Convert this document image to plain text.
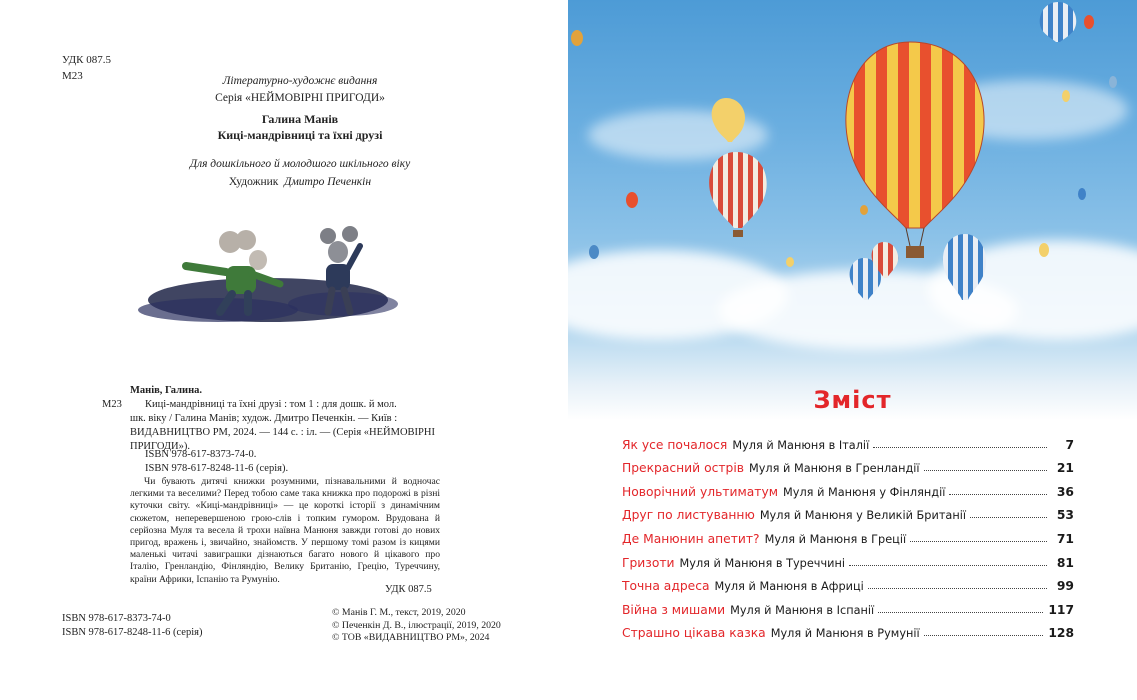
УДК 087.5
М23	Літературно-художнє видання
Серія «НЕЙМОВІРНІ ПРИГОДИ»
Галина Манів
Киці-мандрівниці та їхні друзі
Для дошкільного й молодшого шкільного віку
Художник Дмитро Печенкін
Манів, Галина.
М23 Киці-мандрівниці та їхні друзі : том 1 : для дошк. й мол.
шк. віку / Галина Манів; худож. Дмитро Печенкін. — Київ :
ВИДАВНИЦТВО РМ, 2024. — 144 с. : іл. — (Серія «НЕЙМОВІРНІ
ПРИГОДИ»).
ISBN 978-617-8373-74-0.
ISBN 978-617-8248-11-6 (серія).
Чи бувають дитячі книжки розумними, пізнавальними й водночас легкими та веселими? Перед тобою саме така книжка про подорожі в різні куточки світу. «Киці-мандрівниці» — це короткі історії з динамічним сюжетом, неперевершеною грою-слів і топким гумором. Врудована й серйозна Муля та весела й трохи наївна Манюня завжди готові до нових пригод, вражень і, звичайно, знайомств. У першому томі разом із кицями маленькі читачі завиграшки дізнаються багато нового й цікавого про Італію, Гренландію, Фінляндію, Велику Британію, Грецію, Туреччину, країни Африки, Іспанію та Румунію.
УДК 087.5
ISBN 978-617-8373-74-0
ISBN 978-617-8248-11-6 (серія)
© Манів Г. М., текст, 2019, 2020
© Печенкін Д. В., ілюстрації, 2019, 2020
© ТОВ «ВИДАВНИЦТВО РМ», 2024
Зміст
Як усе почалося Муля й Манюня в Італії	7
Прекрасний острів Муля й Манюня в Гренландії	21
Новорічний ультиматум Муля й Манюня у Фінляндії	36
Друг по листуванню Муля й Манюня у Великій Британії	53
Де Манюнин апетит? Муля й Манюня в Греції	71
Гризоти Муля й Манюня в Туреччині	81
Точна адреса Муля й Манюня в Африці	99
Війна з мишами Муля й Манюня в Іспанії	117
Страшно цікава казка Муля й Манюня в Румунії	128
